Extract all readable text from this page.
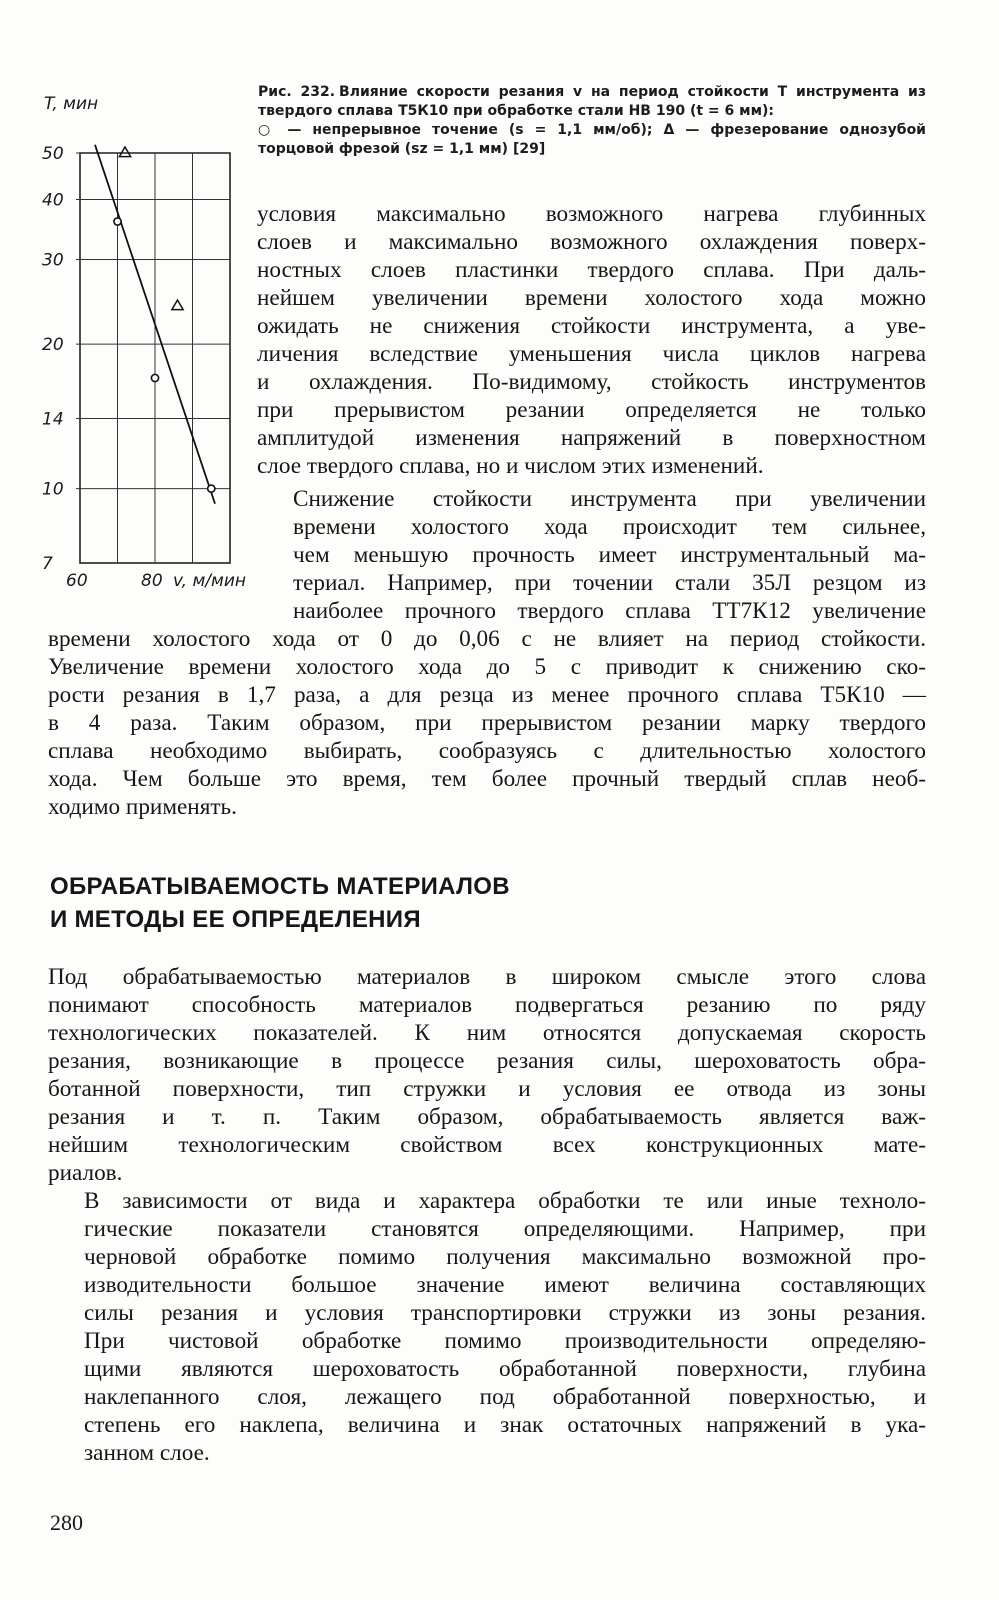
50
40
30
20
14
10
7
60	80
T, мин
v, м/мин

Рис. 232. Влияние скорости резания v на период стойкости T инструмента из твердого сплава Т5К10 при обработке стали HB 190 (t = 6 мм):
○ — непрерывное точение (s = 1,1 мм/об); Δ — фрезерование однозубой торцовой фрезой (sz = 1,1 мм) [29]

условия максимально возможного нагрева глубинных
слоев и максимально возможного охлаждения поверх-
ностных слоев пластинки твердого сплава. При даль-
нейшем увеличении времени холостого хода можно
ожидать не снижения стойкости инструмента, а уве-
личения вследствие уменьшения числа циклов нагрева
и охлаждения. По-видимому, стойкость инструментов
при прерывистом резании определяется не только
амплитудой изменения напряжений в поверхностном
слое твердого сплава, но и числом этих изменений.
Снижение стойкости инструмента при увеличении
времени холостого хода происходит тем сильнее,
чем меньшую прочность имеет инструментальный ма-
териал. Например, при точении стали 35Л резцом из
наиболее прочного твердого сплава ТТ7К12 увеличение
времени холостого хода от 0 до 0,06 с не влияет на период стойкости.
Увеличение времени холостого хода до 5 с приводит к снижению ско-
рости резания в 1,7 раза, а для резца из менее прочного сплава Т5К10 —
в 4 раза. Таким образом, при прерывистом резании марку твердого
сплава необходимо выбирать, сообразуясь с длительностью холостого
хода. Чем больше это время, тем более прочный твердый сплав необ-
ходимо применять.
ОБРАБАТЫВАЕМОСТЬ МАТЕРИАЛОВ
И МЕТОДЫ ЕЕ ОПРЕДЕЛЕНИЯ
Под обрабатываемостью материалов в широком смысле этого слова
понимают способность материалов подвергаться резанию по ряду
технологических показателей. К ним относятся допускаемая скорость
резания, возникающие в процессе резания силы, шероховатость обра-
ботанной поверхности, тип стружки и условия ее отвода из зоны
резания и т. п. Таким образом, обрабатываемость является важ-
нейшим технологическим свойством всех конструкционных мате-
риалов.
В зависимости от вида и характера обработки те или иные техноло-
гические показатели становятся определяющими. Например, при
черновой обработке помимо получения максимально возможной про-
изводительности большое значение имеют величина составляющих
силы резания и условия транспортировки стружки из зоны резания.
При чистовой обработке помимо производительности определяю-
щими являются шероховатость обработанной поверхности, глубина
наклепанного слоя, лежащего под обработанной поверхностью, и
степень его наклепа, величина и знак остаточных напряжений в ука-
занном слое.

280
